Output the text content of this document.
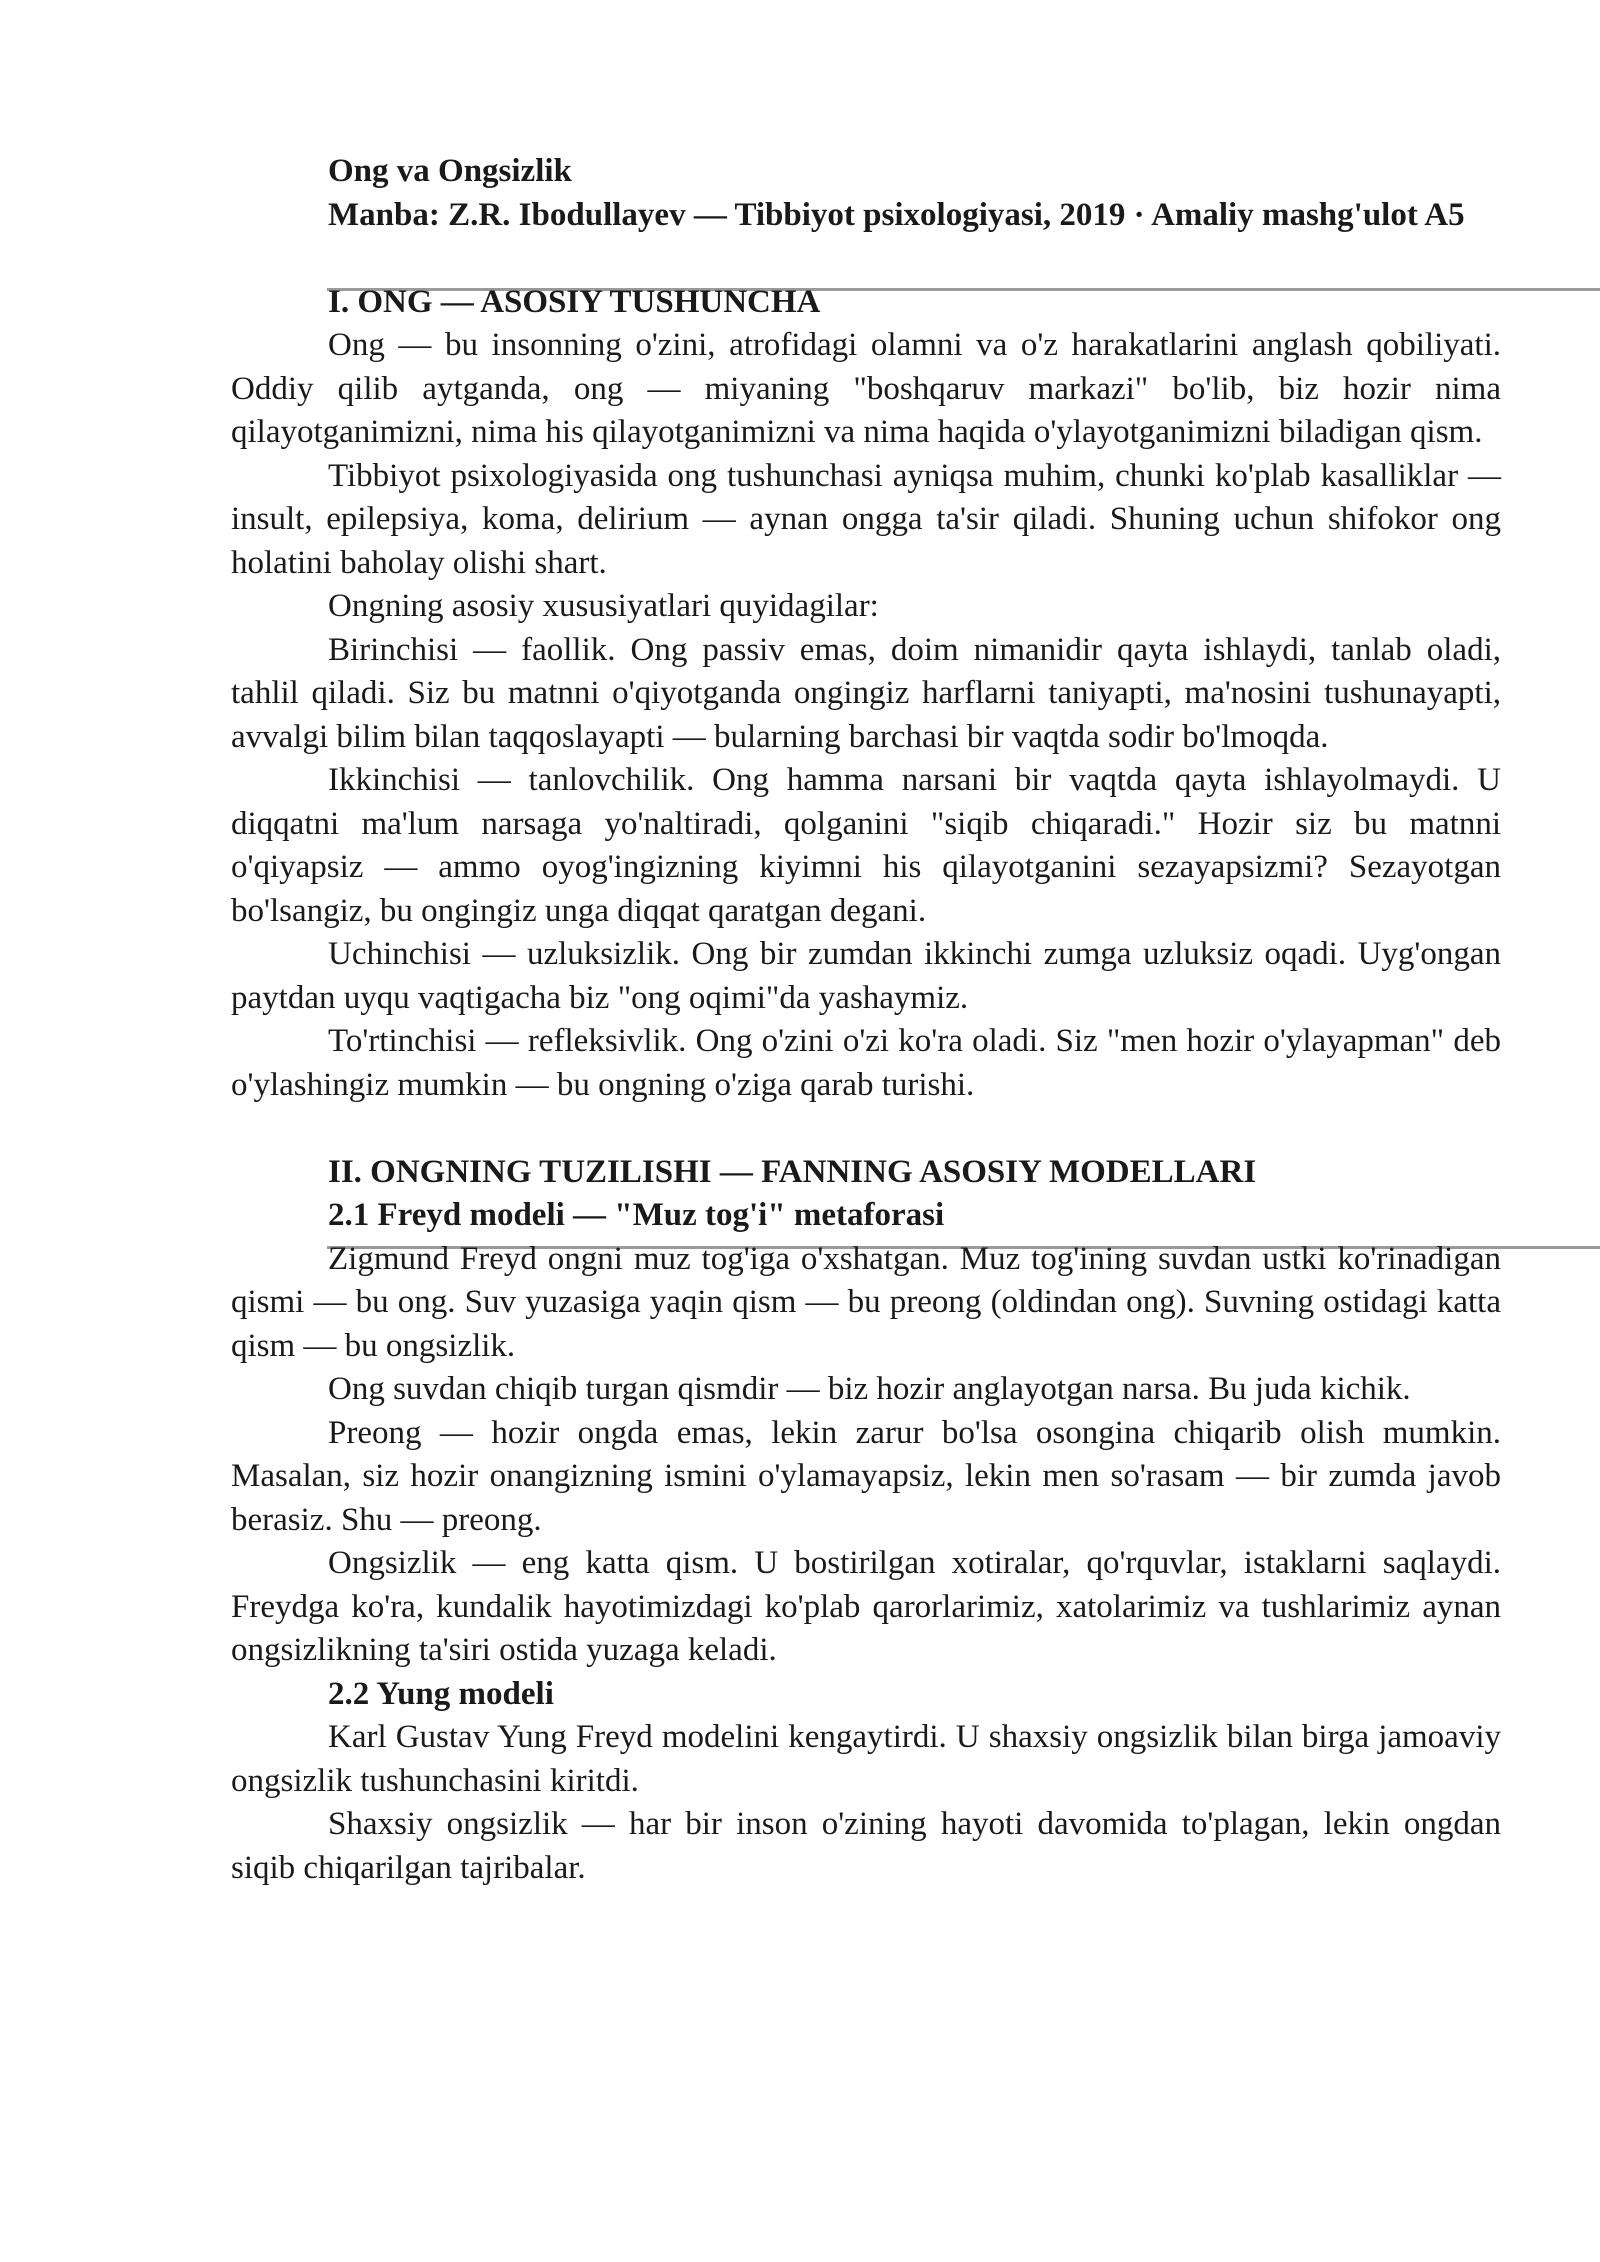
Ong va Ongsizlik

Manba: Z.R. Ibodullayev — Tibbiyot psixologiyasi, 2019 · Amaliy mashg'ulot A5

I. ONG — ASOSIY TUSHUNCHA

Ong — bu insonning o'zini, atrofidagi olamni va o'z harakatlarini anglash qobiliyati. Oddiy qilib aytganda, ong — miyaning "boshqaruv markazi" bo'lib, biz hozir nima qilayotganimizni, nima his qilayotganimizni va nima haqida o'ylayotganimizni biladigan qism.

Tibbiyot psixologiyasida ong tushunchasi ayniqsa muhim, chunki ko'plab kasalliklar — insult, epilepsiya, koma, delirium — aynan ongga ta'sir qiladi. Shuning uchun shifokor ong holatini baholay olishi shart.

Ongning asosiy xususiyatlari quyidagilar:

Birinchisi — faollik. Ong passiv emas, doim nimanidir qayta ishlaydi, tanlab oladi, tahlil qiladi. Siz bu matnni o'qiyotganda ongingiz harflarni taniyapti, ma'nosini tushunayapti, avvalgi bilim bilan taqqoslayapti — bularning barchasi bir vaqtda sodir bo'lmoqda.

Ikkinchisi — tanlovchilik. Ong hamma narsani bir vaqtda qayta ishlayolmaydi. U diqqatni ma'lum narsaga yo'naltiradi, qolganini "siqib chiqaradi." Hozir siz bu matnni o'qiyapsiz — ammo oyog'ingizning kiyimni his qilayotganini sezayapsizmi? Sezayotgan bo'lsangiz, bu ongingiz unga diqqat qaratgan degani.

Uchinchisi — uzluksizlik. Ong bir zumdan ikkinchi zumga uzluksiz oqadi. Uyg'ongan paytdan uyqu vaqtigacha biz "ong oqimi"da yashaymiz.

To'rtinchisi — refleksivlik. Ong o'zini o'zi ko'ra oladi. Siz "men hozir o'ylayapman" deb o'ylashingiz mumkin — bu ongning o'ziga qarab turishi.

II. ONGNING TUZILISHI — FANNING ASOSIY MODELLARI

2.1 Freyd modeli — "Muz tog'i" metaforasi

Zigmund Freyd ongni muz tog'iga o'xshatgan. Muz tog'ining suvdan ustki ko'rinadigan qismi — bu ong. Suv yuzasiga yaqin qism — bu preong (oldindan ong). Suvning ostidagi katta qism — bu ongsizlik.

Ong suvdan chiqib turgan qismdir — biz hozir anglayotgan narsa. Bu juda kichik.

Preong — hozir ongda emas, lekin zarur bo'lsa osongina chiqarib olish mumkin. Masalan, siz hozir onangizning ismini o'ylamayapsiz, lekin men so'rasam — bir zumda javob berasiz. Shu — preong.

Ongsizlik — eng katta qism. U bostirilgan xotiralar, qo'rquvlar, istaklarni saqlaydi. Freydga ko'ra, kundalik hayotimizdagi ko'plab qarorlarimiz, xatolarimiz va tushlarimiz aynan ongsizlikning ta'siri ostida yuzaga keladi.

2.2 Yung modeli

Karl Gustav Yung Freyd modelini kengaytirdi. U shaxsiy ongsizlik bilan birga jamoaviy ongsizlik tushunchasini kiritdi.

Shaxsiy ongsizlik — har bir inson o'zining hayoti davomida to'plagan, lekin ongdan siqib chiqarilgan tajribalar.
